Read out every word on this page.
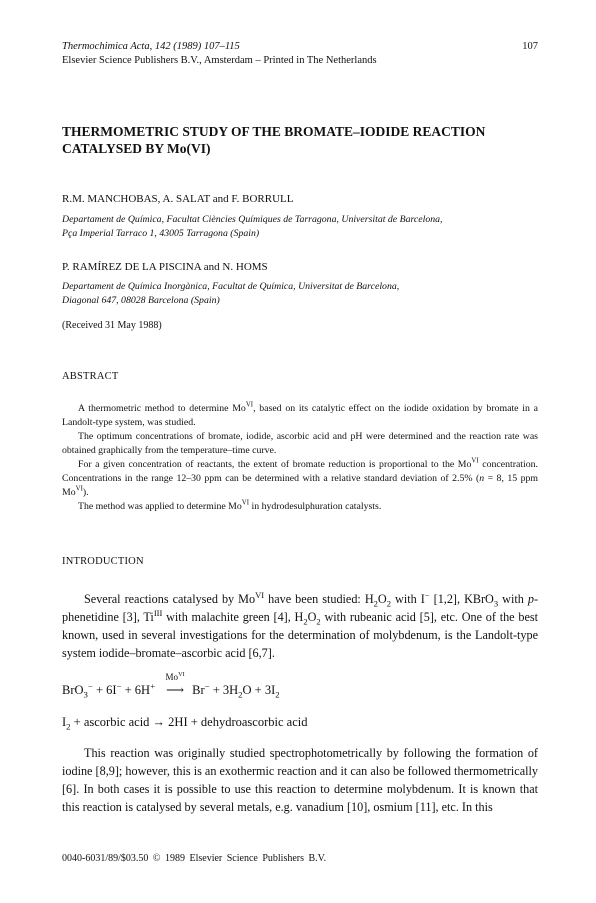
Thermochimica Acta, 142 (1989) 107–115	107
Elsevier Science Publishers B.V., Amsterdam – Printed in The Netherlands
THERMOMETRIC STUDY OF THE BROMATE–IODIDE REACTION
CATALYSED BY Mo(VI)
R.M. MANCHOBAS, A. SALAT and F. BORRULL
Departament de Química, Facultat Ciències Químiques de Tarragona, Universitat de Barcelona,
Pça Imperial Tarraco 1, 43005 Tarragona (Spain)
P. RAMÍREZ DE LA PISCINA and N. HOMS
Departament de Química Inorgànica, Facultat de Química, Universitat de Barcelona,
Diagonal 647, 08028 Barcelona (Spain)
(Received 31 May 1988)
ABSTRACT

A thermometric method to determine $Mo^{VI}$, based on its catalytic effect on the iodide oxidation by bromate in a Landolt-type system, was studied.

The optimum concentrations of bromate, iodide, ascorbic acid and pH were determined and the reaction rate was obtained graphically from the temperature–time curve.

For a given concentration of reactants, the extent of bromate reduction is proportional to the $Mo^{VI}$ concentration. Concentrations in the range 12–30 ppm can be determined with a relative standard deviation of 2.5% (n = 8, 15 ppm $Mo^{VI}$).

The method was applied to determine $Mo^{VI}$ in hydrodesulphuration catalysts.

INTRODUCTION

Several reactions catalysed by $Mo^{VI}$ have been studied: $H_2O_2$ with I− [1,2], KBrO$_3$ with p-phenetidine [3], $Ti^{III}$ with malachite green [4], $H_2O_2$ with rubeanic acid [5], etc. One of the best known, used in several investigations for the determination of molybdenum, is the Landolt-type system iodide–bromate–ascorbic acid [6,7].

BrO$_3$− + 6I− + 6H+
$Mo^{VI}$
⟶ $Br^- + 3H_2O + 3I_2$
$I_2$ + ascorbic acid → 2HI + dehydroascorbic acid

This reaction was originally studied spectrophotometrically by following the formation of iodine [8,9]; however, this is an exothermic reaction and it can also be followed thermometrically [6]. In both cases it is possible to use this reaction to determine molybdenum. It is known that this reaction is catalysed by several metals, e.g. vanadium [10], osmium [11], etc. In this

0040-6031/89/$03.50 © 1989 Elsevier Science Publishers B.V.
